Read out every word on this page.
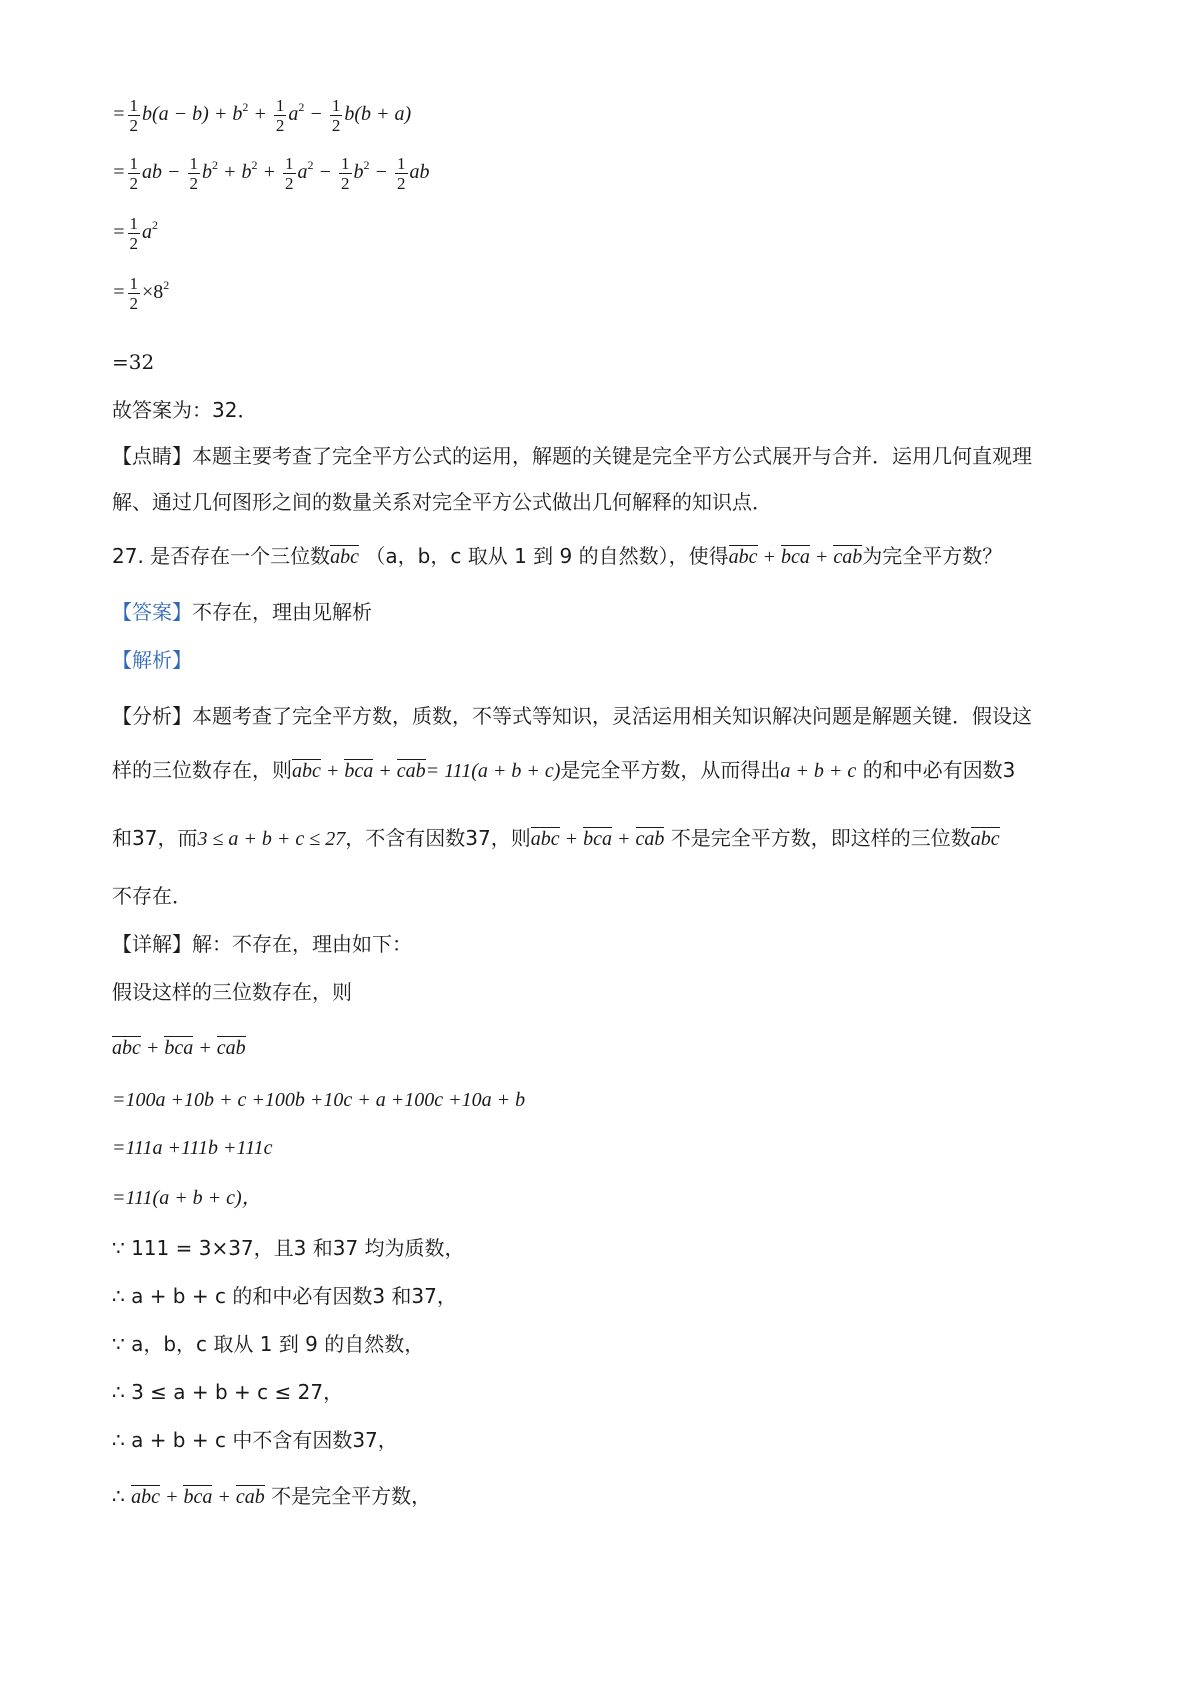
= $\frac{1}{2} b(a - b) + b^2 + \frac{1}{2} a^2 - \frac{1}{2} b(b + a)$
= $\frac{1}{2}$ ab − $\frac{1}{2} b^2 + b^2 + \frac{1}{2} a^2 - \frac{1}{2} b^2 - \frac{1}{2}$ ab
= $\frac{1}{2} a^2$
= $\frac{1}{2} \times 8^2$
=32
故答案为：32．
【点睛】本题主要考查了完全平方公式的运用，解题的关键是完全平方公式展开与合并．运用几何直观理
解、通过几何图形之间的数量关系对完全平方公式做出几何解释的知识点．
27. 是否存在一个三位数abc （a，b，c 取从 1 到 9 的自然数），使得abc + bca + cab为完全平方数？
【答案】不存在，理由见解析
【解析】
【分析】本题考查了完全平方数，质数，不等式等知识，灵活运用相关知识解决问题是解题关键．假设这
样的三位数存在，则abc + bca + cab= 111(a + b + c)是完全平方数，从而得出a + b + c 的和中必有因数3
和37，而3 ≤ a + b + c ≤ 27，不含有因数37，则abc + bca + cab 不是完全平方数，即这样的三位数abc
不存在．
【详解】解：不存在，理由如下：
假设这样的三位数存在，则
abc + bca + cab
=100a +10b + c +100b +10c + a +100c +10a + b
=111a +111b +111c
=111(a + b + c)，
∵ 111 = 3×37，且3 和37 均为质数，
∴ a + b + c 的和中必有因数3 和37，
∵ a，b，c 取从 1 到 9 的自然数，
∴ 3 ≤ a + b + c ≤ 27，
∴ a + b + c 中不含有因数37，
∴ abc + bca + cab 不是完全平方数，
